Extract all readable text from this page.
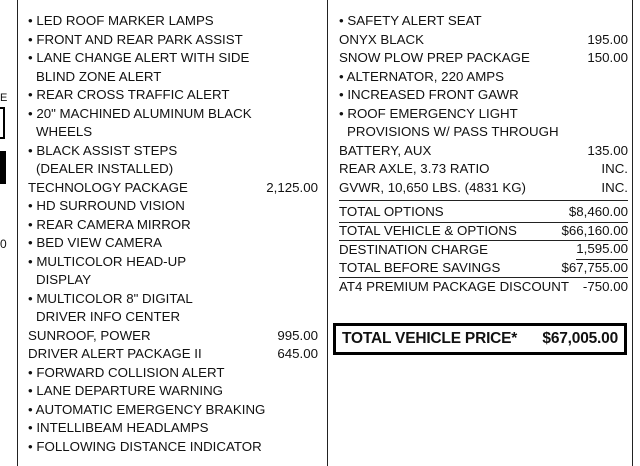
E
0
• LED ROOF MARKER LAMPS
• FRONT AND REAR PARK ASSIST
• LANE CHANGE ALERT WITH SIDE
BLIND ZONE ALERT
• REAR CROSS TRAFFIC ALERT
• 20" MACHINED ALUMINUM BLACK
WHEELS
• BLACK ASSIST STEPS
(DEALER INSTALLED)
TECHNOLOGY PACKAGE	2,125.00
• HD SURROUND VISION
• REAR CAMERA MIRROR
• BED VIEW CAMERA
• MULTICOLOR HEAD-UP
DISPLAY
• MULTICOLOR 8" DIGITAL
DRIVER INFO CENTER
SUNROOF, POWER	995.00
DRIVER ALERT PACKAGE II	645.00
• FORWARD COLLISION ALERT
• LANE DEPARTURE WARNING
• AUTOMATIC EMERGENCY BRAKING
• INTELLIBEAM HEADLAMPS
• FOLLOWING DISTANCE INDICATOR
• SAFETY ALERT SEAT
ONYX BLACK	195.00
SNOW PLOW PREP PACKAGE	150.00
• ALTERNATOR, 220 AMPS
• INCREASED FRONT GAWR
• ROOF EMERGENCY LIGHT
PROVISIONS W/ PASS THROUGH
BATTERY, AUX	135.00
REAR AXLE, 3.73 RATIO	INC.
GVWR, 10,650 LBS. (4831 KG)	INC.
TOTAL OPTIONS	$8,460.00
TOTAL VEHICLE & OPTIONS	$66,160.00
DESTINATION CHARGE	1,595.00
TOTAL BEFORE SAVINGS	$67,755.00
AT4 PREMIUM PACKAGE DISCOUNT	-750.00
TOTAL VEHICLE PRICE* $67,005.00
